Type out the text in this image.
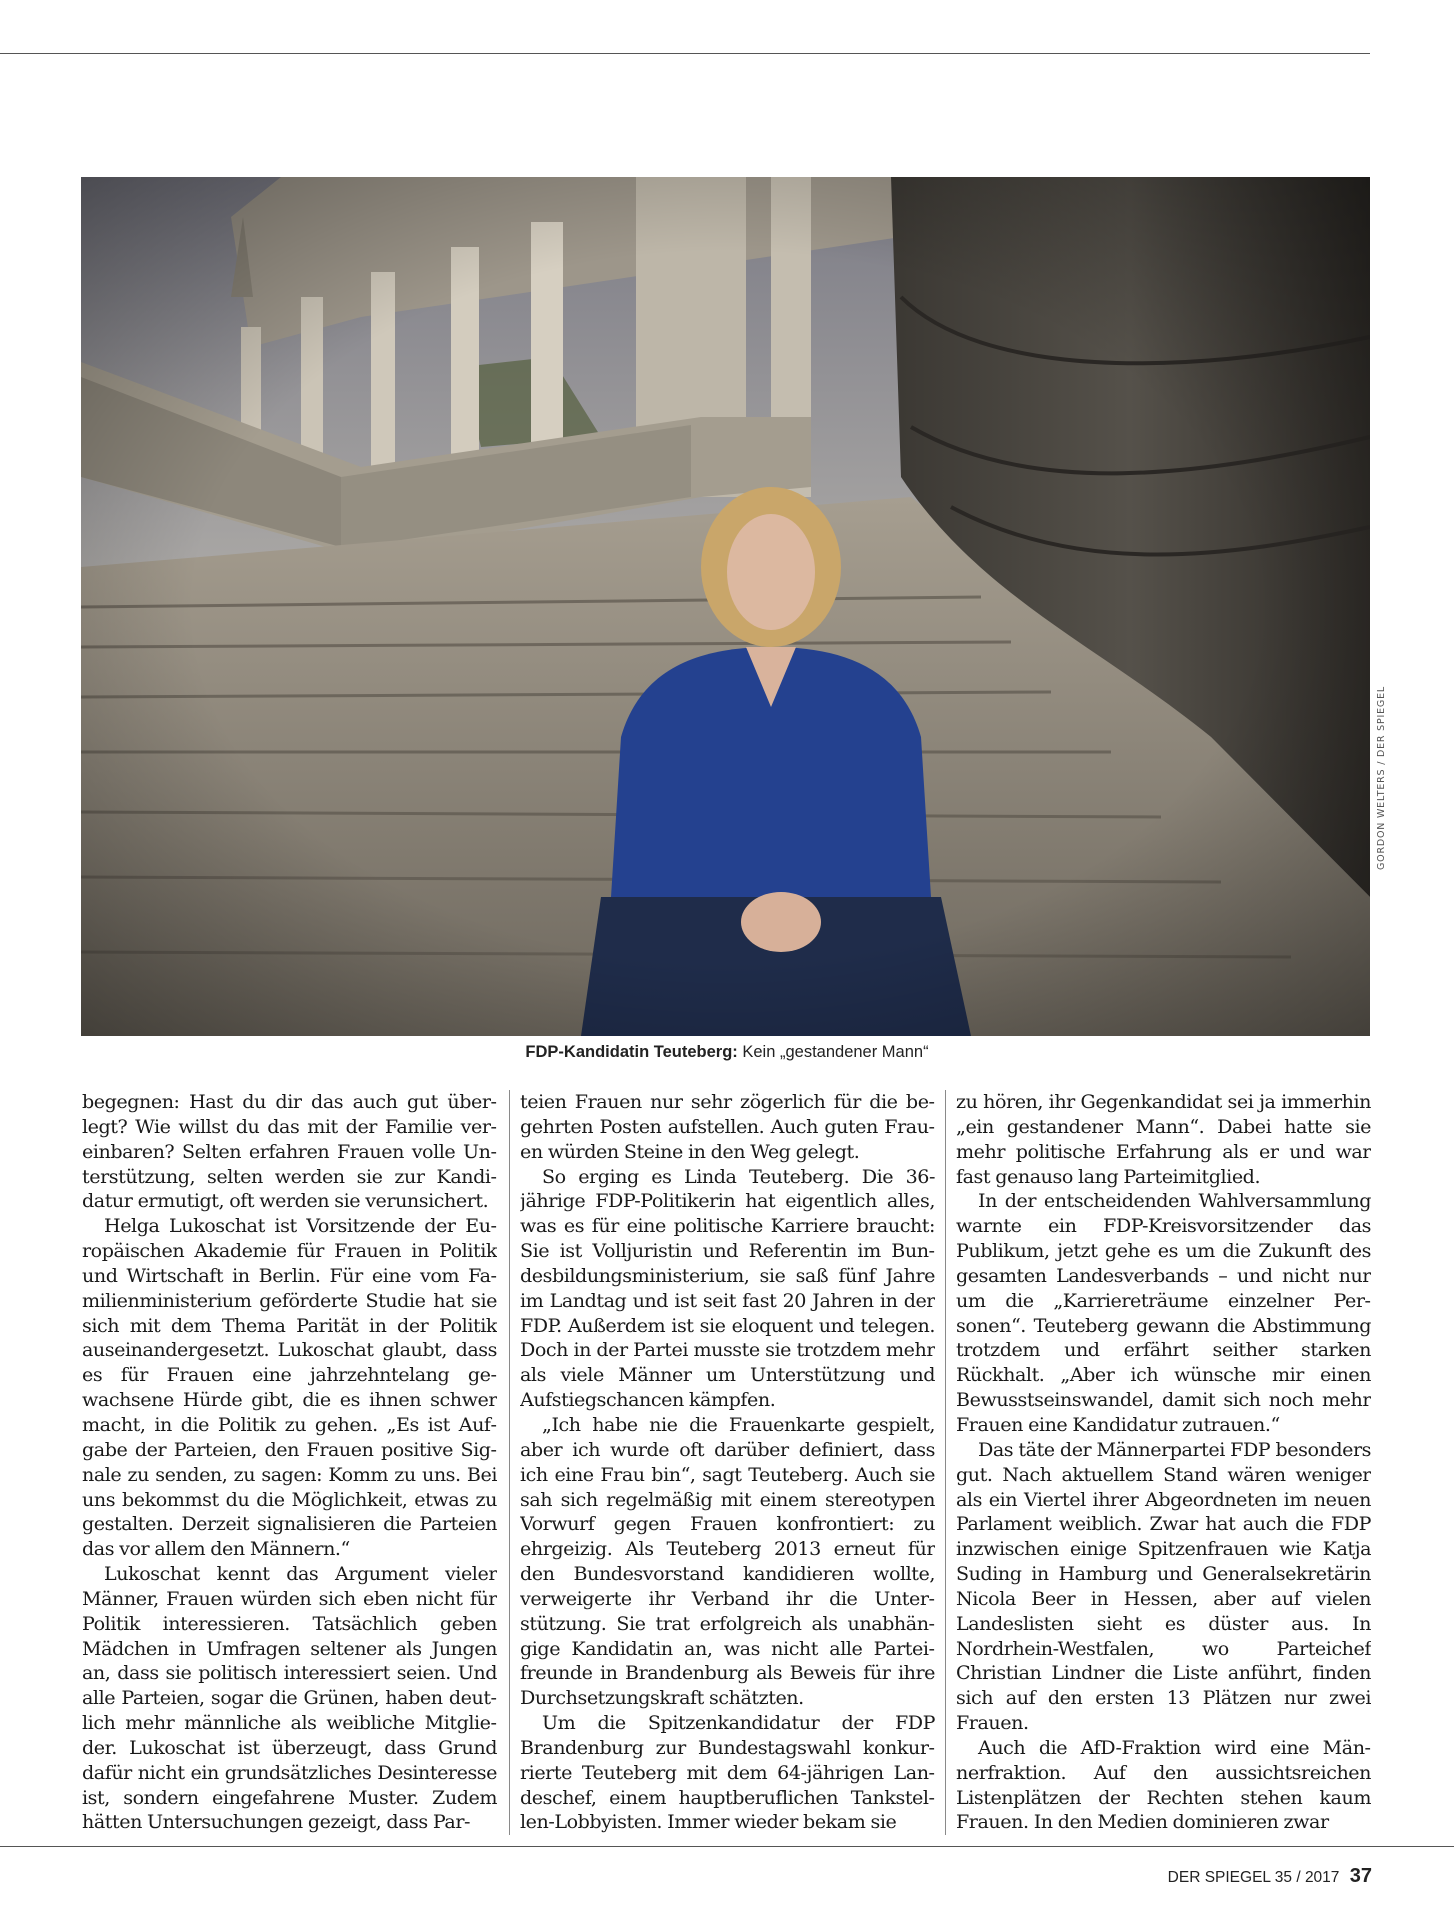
GORDON WELTERS / DER SPIEGEL
FDP-Kandidatin Teuteberg: Kein „gestandener Mann“

begegnen: Hast du dir das auch gut überlegt? Wie willst du das mit der Familie vereinbaren? Selten erfahren Frauen volle Unterstützung, selten werden sie zur Kandidatur ermutigt, oft werden sie verunsichert.

Helga Lukoschat ist Vorsitzende der Europäischen Akademie für Frauen in Politik und Wirtschaft in Berlin. Für eine vom Familienministerium geförderte Studie hat sie sich mit dem Thema Parität in der Politik auseinandergesetzt. Lukoschat glaubt, dass es für Frauen eine jahrzehntelang gewachsene Hürde gibt, die es ihnen schwer macht, in die Politik zu gehen. „Es ist Aufgabe der Parteien, den Frauen positive Signale zu senden, zu sagen: Komm zu uns. Bei uns bekommst du die Möglichkeit, etwas zu gestalten. Derzeit signalisieren die Parteien das vor allem den Männern.“

Lukoschat kennt das Argument vieler Männer, Frauen würden sich eben nicht für Politik interessieren. Tatsächlich geben Mädchen in Umfragen seltener als Jungen an, dass sie politisch interessiert seien. Und alle Parteien, sogar die Grünen, haben deutlich mehr männliche als weibliche Mitglieder. Lukoschat ist überzeugt, dass Grund dafür nicht ein grundsätzliches Desinteresse ist, sondern eingefahrene Muster. Zudem hätten Untersuchungen gezeigt, dass Par-

teien Frauen nur sehr zögerlich für die begehrten Posten aufstellen. Auch guten Frauen würden Steine in den Weg gelegt.

So erging es Linda Teuteberg. Die 36-jährige FDP-Politikerin hat eigentlich alles, was es für eine politische Karriere braucht: Sie ist Volljuristin und Referentin im Bundesbildungsministerium, sie saß fünf Jahre im Landtag und ist seit fast 20 Jahren in der FDP. Außerdem ist sie eloquent und telegen. Doch in der Partei musste sie trotzdem mehr als viele Männer um Unterstützung und Aufstiegschancen kämpfen.

„Ich habe nie die Frauenkarte gespielt, aber ich wurde oft darüber definiert, dass ich eine Frau bin“, sagt Teuteberg. Auch sie sah sich regelmäßig mit einem stereotypen Vorwurf gegen Frauen konfrontiert: zu ehrgeizig. Als Teuteberg 2013 erneut für den Bundesvorstand kandidieren wollte, verweigerte ihr Verband ihr die Unterstützung. Sie trat erfolgreich als unabhängige Kandidatin an, was nicht alle Parteifreunde in Brandenburg als Beweis für ihre Durchsetzungskraft schätzten.

Um die Spitzenkandidatur der FDP Brandenburg zur Bundestagswahl konkurrierte Teuteberg mit dem 64-jährigen Landeschef, einem hauptberuflichen Tankstellen-Lobbyisten. Immer wieder bekam sie

zu hören, ihr Gegenkandidat sei ja immerhin „ein gestandener Mann“. Dabei hatte sie mehr politische Erfahrung als er und war fast genauso lang Parteimitglied.

In der entscheidenden Wahlversammlung warnte ein FDP-Kreisvorsitzender das Publikum, jetzt gehe es um die Zukunft des gesamten Landesverbands – und nicht nur um die „Karriereträume einzelner Personen“. Teuteberg gewann die Abstimmung trotzdem und erfährt seither starken Rückhalt. „Aber ich wünsche mir einen Bewusstseinswandel, damit sich noch mehr Frauen eine Kandidatur zutrauen.“

Das täte der Männerpartei FDP besonders gut. Nach aktuellem Stand wären weniger als ein Viertel ihrer Abgeordneten im neuen Parlament weiblich. Zwar hat auch die FDP inzwischen einige Spitzenfrauen wie Katja Suding in Hamburg und Generalsekretärin Nicola Beer in Hessen, aber auf vielen Landeslisten sieht es düster aus. In Nordrhein-Westfalen, wo Parteichef Christian Lindner die Liste anführt, finden sich auf den ersten 13 Plätzen nur zwei Frauen.

Auch die AfD-Fraktion wird eine Männerfraktion. Auf den aussichtsreichen Listenplätzen der Rechten stehen kaum Frauen. In den Medien dominieren zwar

DER SPIEGEL 35 / 2017 37
